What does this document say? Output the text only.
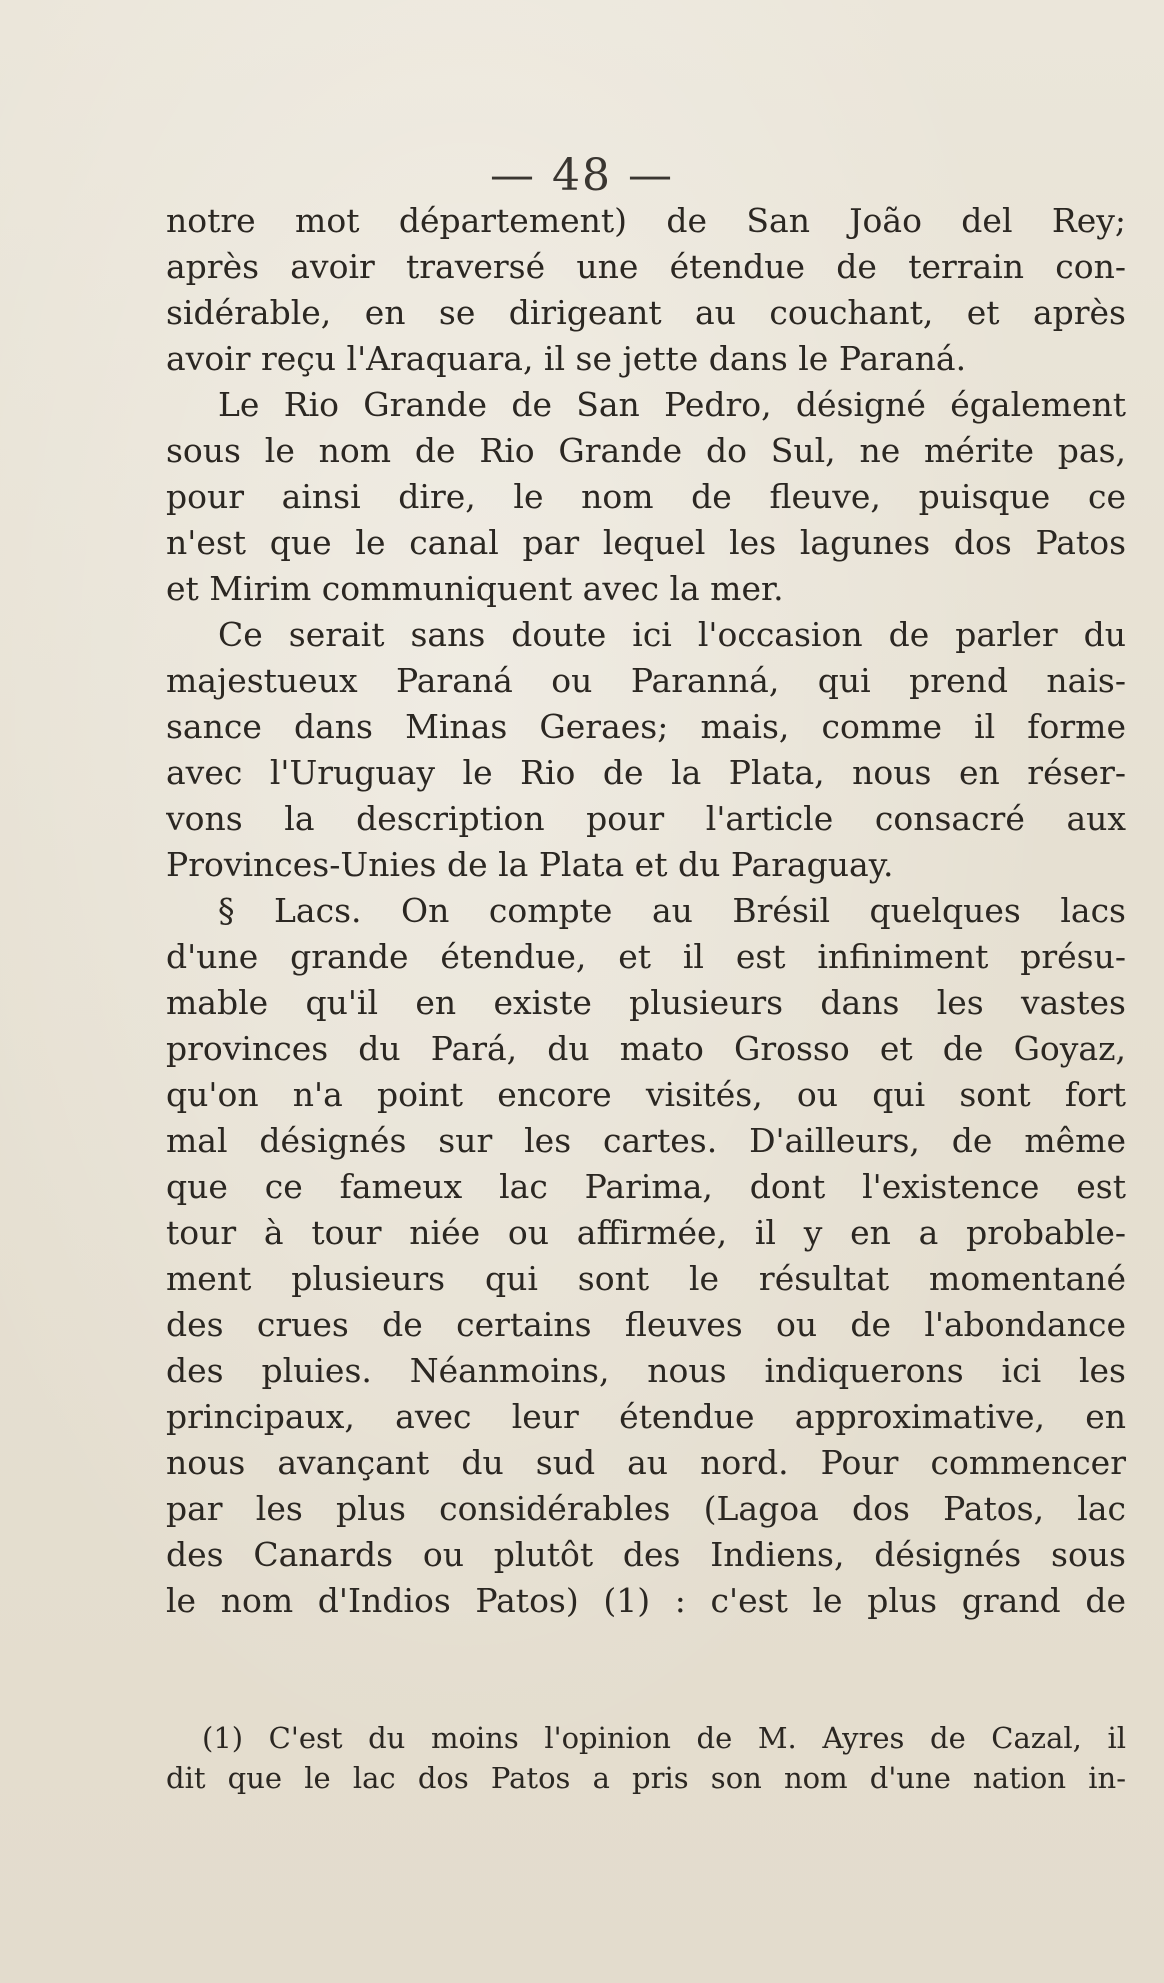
— 48 —
notre mot département) de San João del Rey;
après avoir traversé une étendue de terrain con-
sidérable, en se dirigeant au couchant, et après
avoir reçu l'Araquara, il se jette dans le Paraná.
Le Rio Grande de San Pedro, désigné également
sous le nom de Rio Grande do Sul, ne mérite pas,
pour ainsi dire, le nom de fleuve, puisque ce
n'est que le canal par lequel les lagunes dos Patos
et Mirim communiquent avec la mer.
Ce serait sans doute ici l'occasion de parler du
majestueux Paraná ou Paranná, qui prend nais-
sance dans Minas Geraes; mais, comme il forme
avec l'Uruguay le Rio de la Plata, nous en réser-
vons la description pour l'article consacré aux
Provinces-Unies de la Plata et du Paraguay.
§ Lacs. On compte au Brésil quelques lacs
d'une grande étendue, et il est infiniment présu-
mable qu'il en existe plusieurs dans les vastes
provinces du Pará, du mato Grosso et de Goyaz,
qu'on n'a point encore visités, ou qui sont fort
mal désignés sur les cartes. D'ailleurs, de même
que ce fameux lac Parima, dont l'existence est
tour à tour niée ou affirmée, il y en a probable-
ment plusieurs qui sont le résultat momentané
des crues de certains fleuves ou de l'abondance
des pluies. Néanmoins, nous indiquerons ici les
principaux, avec leur étendue approximative, en
nous avançant du sud au nord. Pour commencer
par les plus considérables (Lagoa dos Patos, lac
des Canards ou plutôt des Indiens, désignés sous
le nom d'Indios Patos) (1) : c'est le plus grand de
(1) C'est du moins l'opinion de M. Ayres de Cazal, il
dit que le lac dos Patos a pris son nom d'une nation in-
